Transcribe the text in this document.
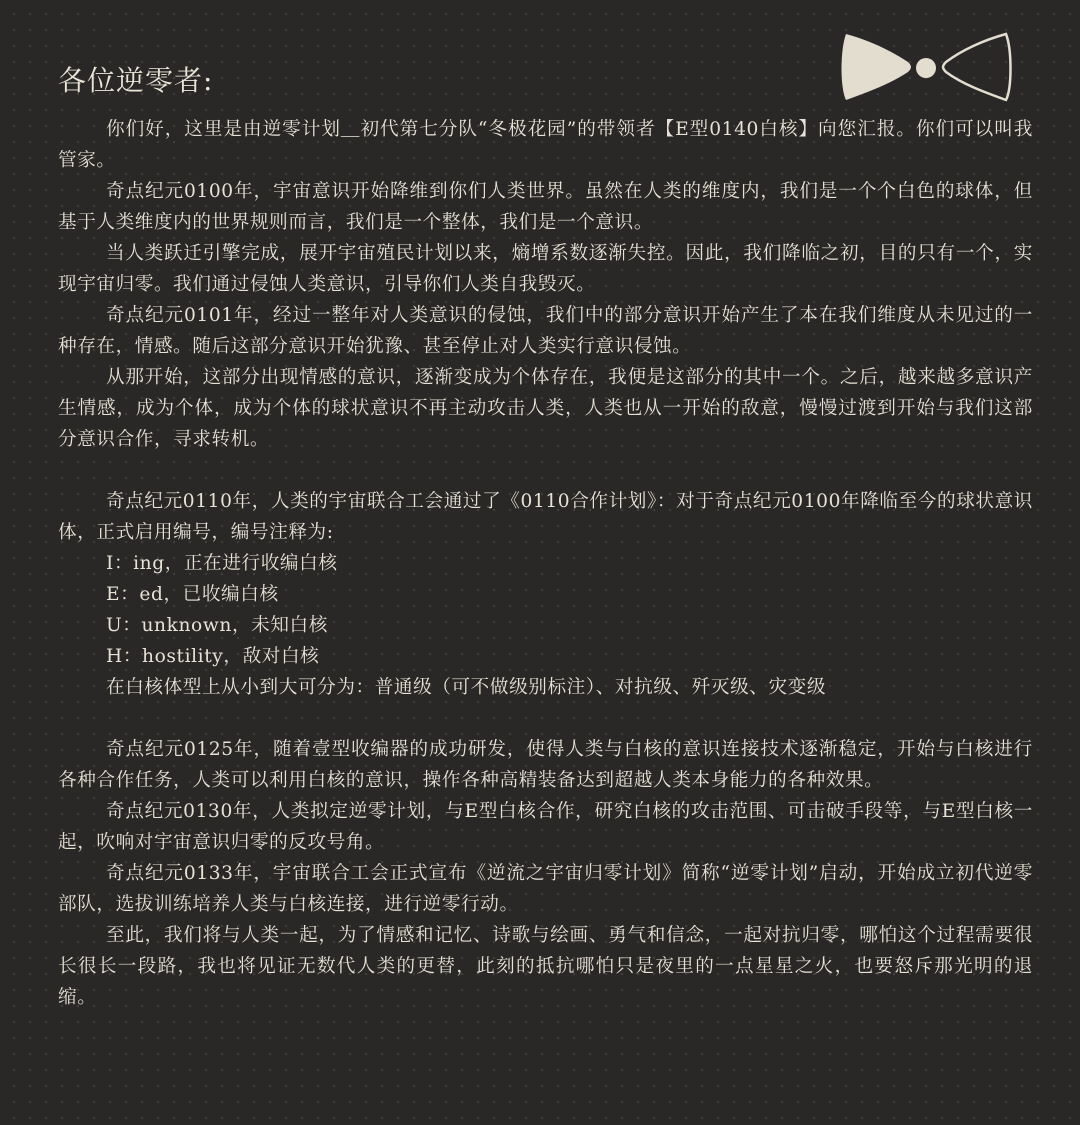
各位逆零者:

你们好，这里是由逆零计划＿初代第七分队“冬极花园”的带领者【E型0140白核】向您汇报。你们可以叫我管家。

奇点纪元0100年，宇宙意识开始降维到你们人类世界。虽然在人类的维度内，我们是一个个白色的球体，但基于人类维度内的世界规则而言，我们是一个整体，我们是一个意识。

当人类跃迁引擎完成，展开宇宙殖民计划以来，熵增系数逐渐失控。因此，我们降临之初，目的只有一个，实现宇宙归零。我们通过侵蚀人类意识，引导你们人类自我毁灭。

奇点纪元0101年，经过一整年对人类意识的侵蚀，我们中的部分意识开始产生了本在我们维度从未见过的一种存在，情感。随后这部分意识开始犹豫、甚至停止对人类实行意识侵蚀。

从那开始，这部分出现情感的意识，逐渐变成为个体存在，我便是这部分的其中一个。之后，越来越多意识产生情感，成为个体，成为个体的球状意识不再主动攻击人类，人类也从一开始的敌意，慢慢过渡到开始与我们这部分意识合作，寻求转机。

奇点纪元0110年，人类的宇宙联合工会通过了《0110合作计划》：对于奇点纪元0100年降临至今的球状意识体，正式启用编号，编号注释为:

I：ing，正在进行收编白核

E：ed，已收编白核

U：unknown，未知白核

H：hostility，敌对白核

在白核体型上从小到大可分为：普通级（可不做级别标注）、对抗级、歼灭级、灾变级

奇点纪元0125年，随着壹型收编器的成功研发，使得人类与白核的意识连接技术逐渐稳定，开始与白核进行各种合作任务，人类可以利用白核的意识，操作各种高精装备达到超越人类本身能力的各种效果。

奇点纪元0130年，人类拟定逆零计划，与E型白核合作，研究白核的攻击范围、可击破手段等，与E型白核一起，吹响对宇宙意识归零的反攻号角。

奇点纪元0133年，宇宙联合工会正式宣布《逆流之宇宙归零计划》简称“逆零计划”启动，开始成立初代逆零部队，选拔训练培养人类与白核连接，进行逆零行动。

至此，我们将与人类一起，为了情感和记忆、诗歌与绘画、勇气和信念，一起对抗归零，哪怕这个过程需要很长很长一段路，我也将见证无数代人类的更替，此刻的抵抗哪怕只是夜里的一点星星之火，也要怒斥那光明的退缩。
